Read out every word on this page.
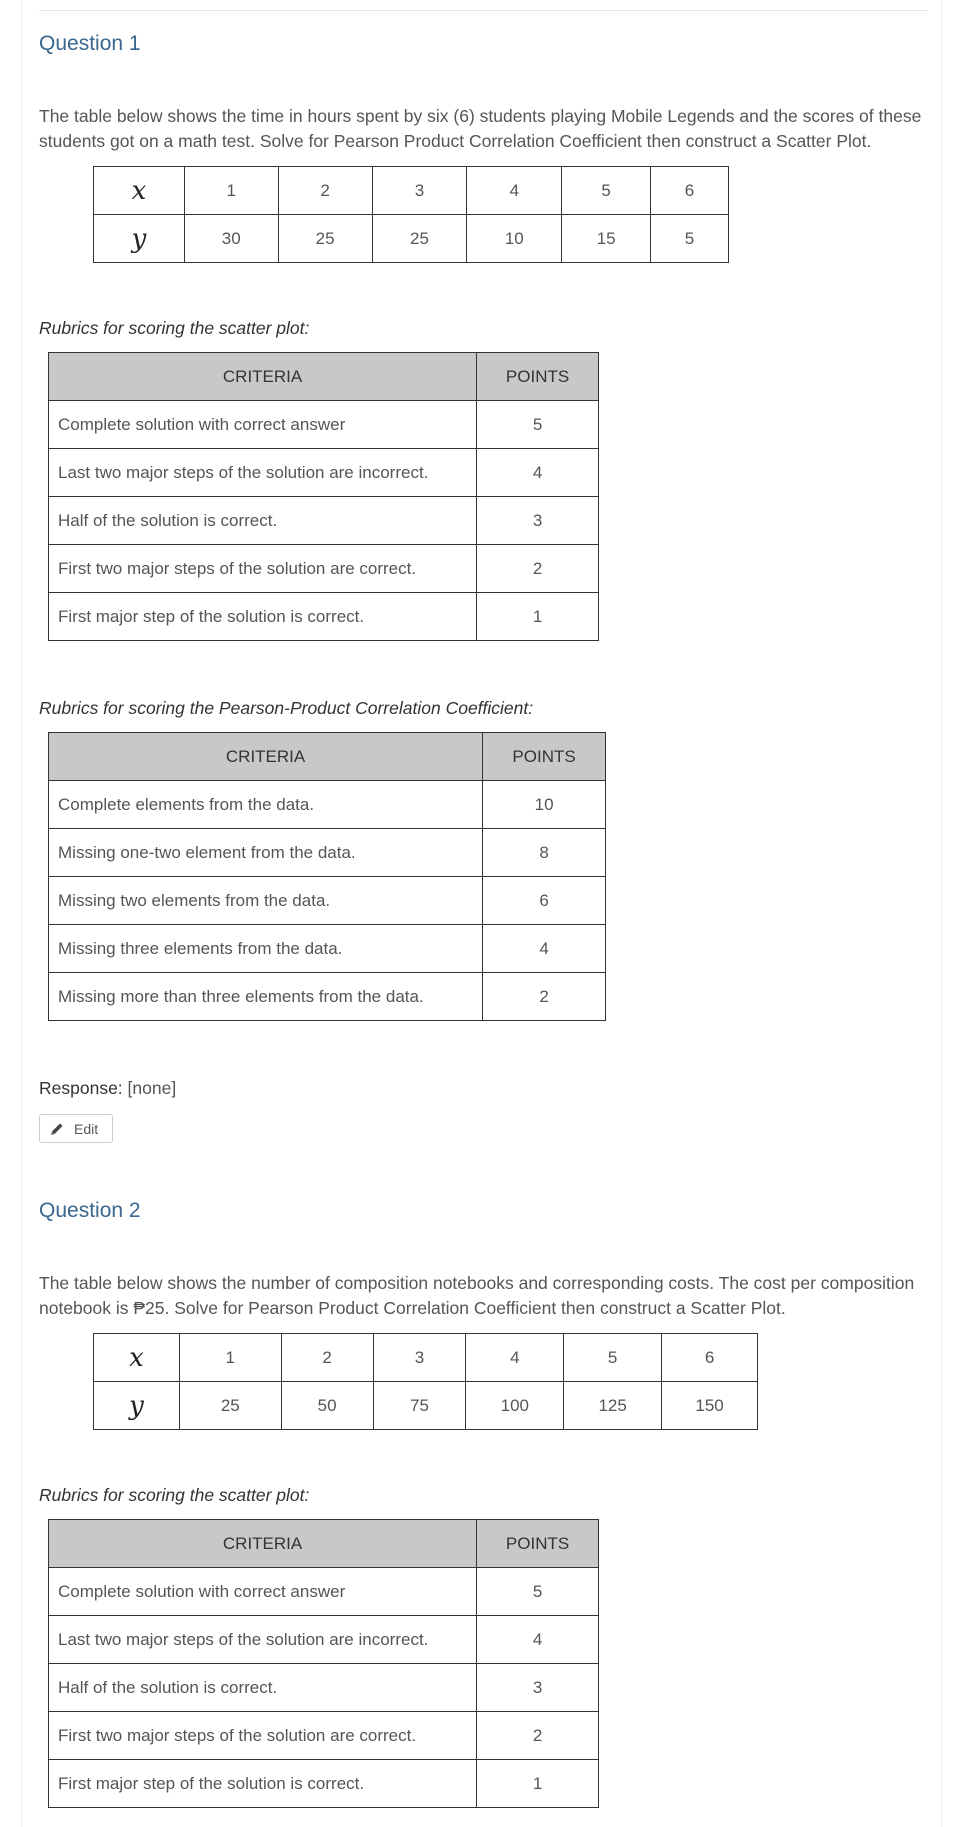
Question 1
The table below shows the time in hours spent by six (6) students playing Mobile Legends and the scores of these students got on a math test. Solve for Pearson Product Correlation Coefficient then construct a Scatter Plot.
x	1	2	3	4	5	6
y	30	25	25	10	15	5
Rubrics for scoring the scatter plot:
CRITERIA	POINTS
Complete solution with correct answer	5
Last two major steps of the solution are incorrect.	4
Half of the solution is correct.	3
First two major steps of the solution are correct.	2
First major step of the solution is correct.	1
Rubrics for scoring the Pearson-Product Correlation Coefficient:
CRITERIA	POINTS
Complete elements from the data.	10
Missing one-two element from the data.	8
Missing two elements from the data.	6
Missing three elements from the data.	4
Missing more than three elements from the data.	2
Response: [none]
Edit
Question 2
The table below shows the number of composition notebooks and corresponding costs. The cost per composition notebook is ₱25. Solve for Pearson Product Correlation Coefficient then construct a Scatter Plot.
x	1	2	3	4	5	6
y	25	50	75	100	125	150
Rubrics for scoring the scatter plot:
CRITERIA	POINTS
Complete solution with correct answer	5
Last two major steps of the solution are incorrect.	4
Half of the solution is correct.	3
First two major steps of the solution are correct.	2
First major step of the solution is correct.	1
